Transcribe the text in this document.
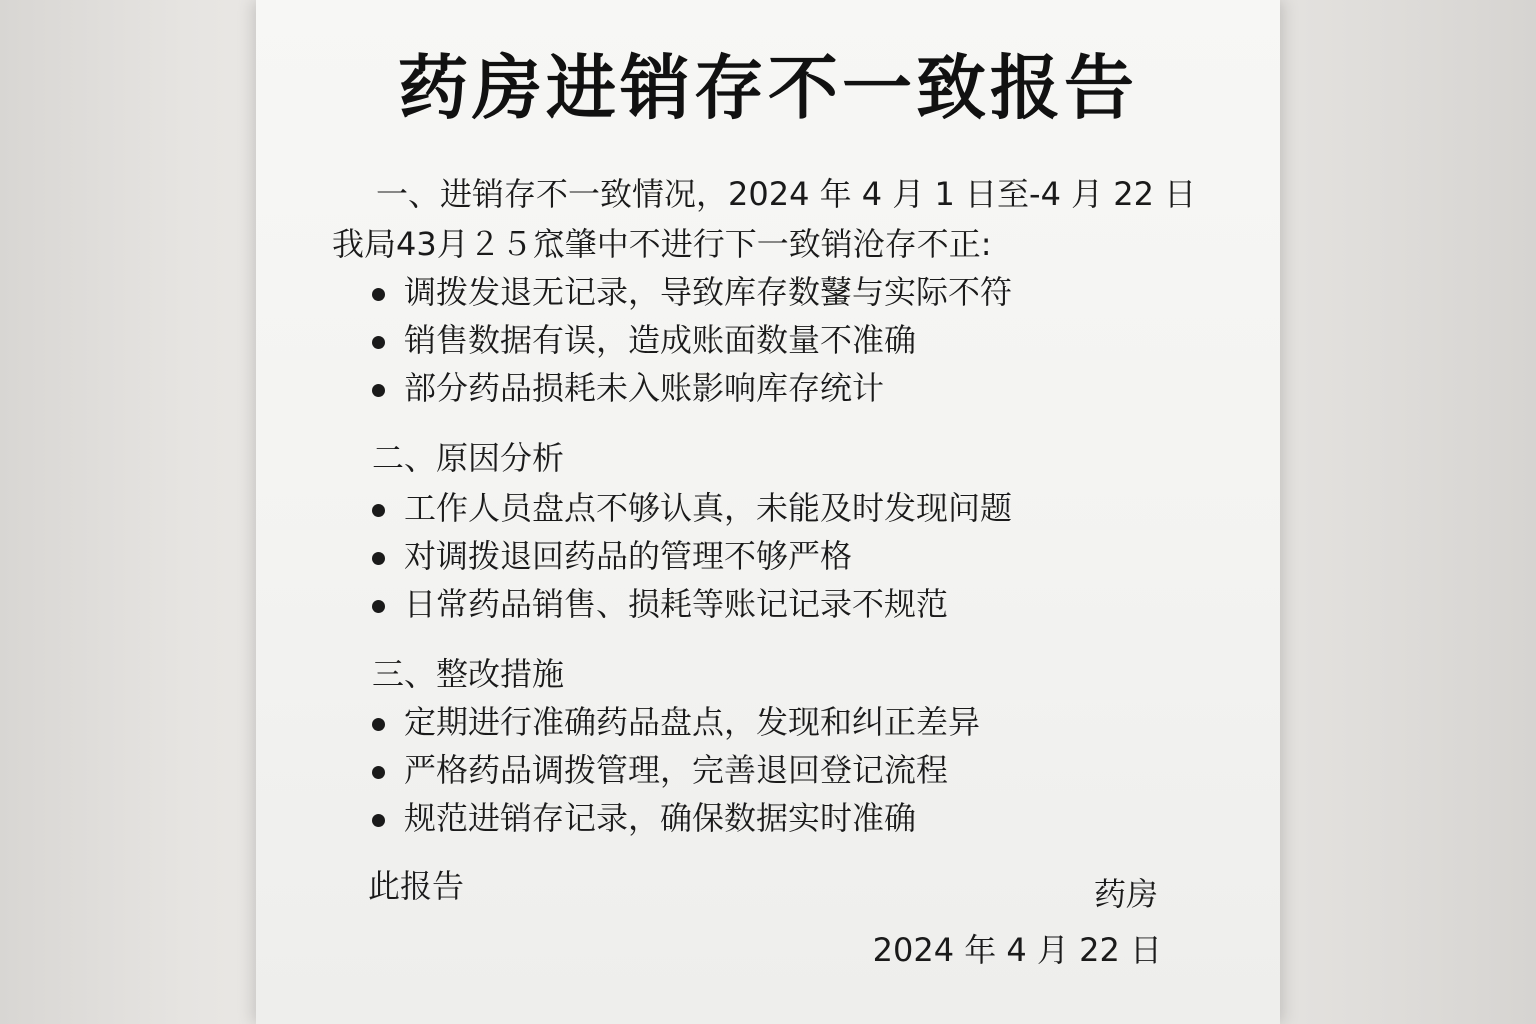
药房进销存不一致报告
一、进销存不一致情况，2024 年 4 月 1 日至-4 月 22 日
我局43月２５窊肇中不进行下一致销沧存不正:
调拨发退无记录，导致库存数鼜与实际不符
销售数据有误，造成账面数量不准确
部分药品损耗未入账影响库存统计
二、原因分析
工作人员盘点不够认真，未能及时发现问题
对调拨退回药品的管理不够严格
日常药品销售、损耗等账记记录不规范
三、整改措施
定期进行准确药品盘点，发现和纠正差异
严格药品调拨管理，完善退回登记流程
规范进销存记录，确保数据实时准确
此报告	药房
2024 年 4 月 22 日
